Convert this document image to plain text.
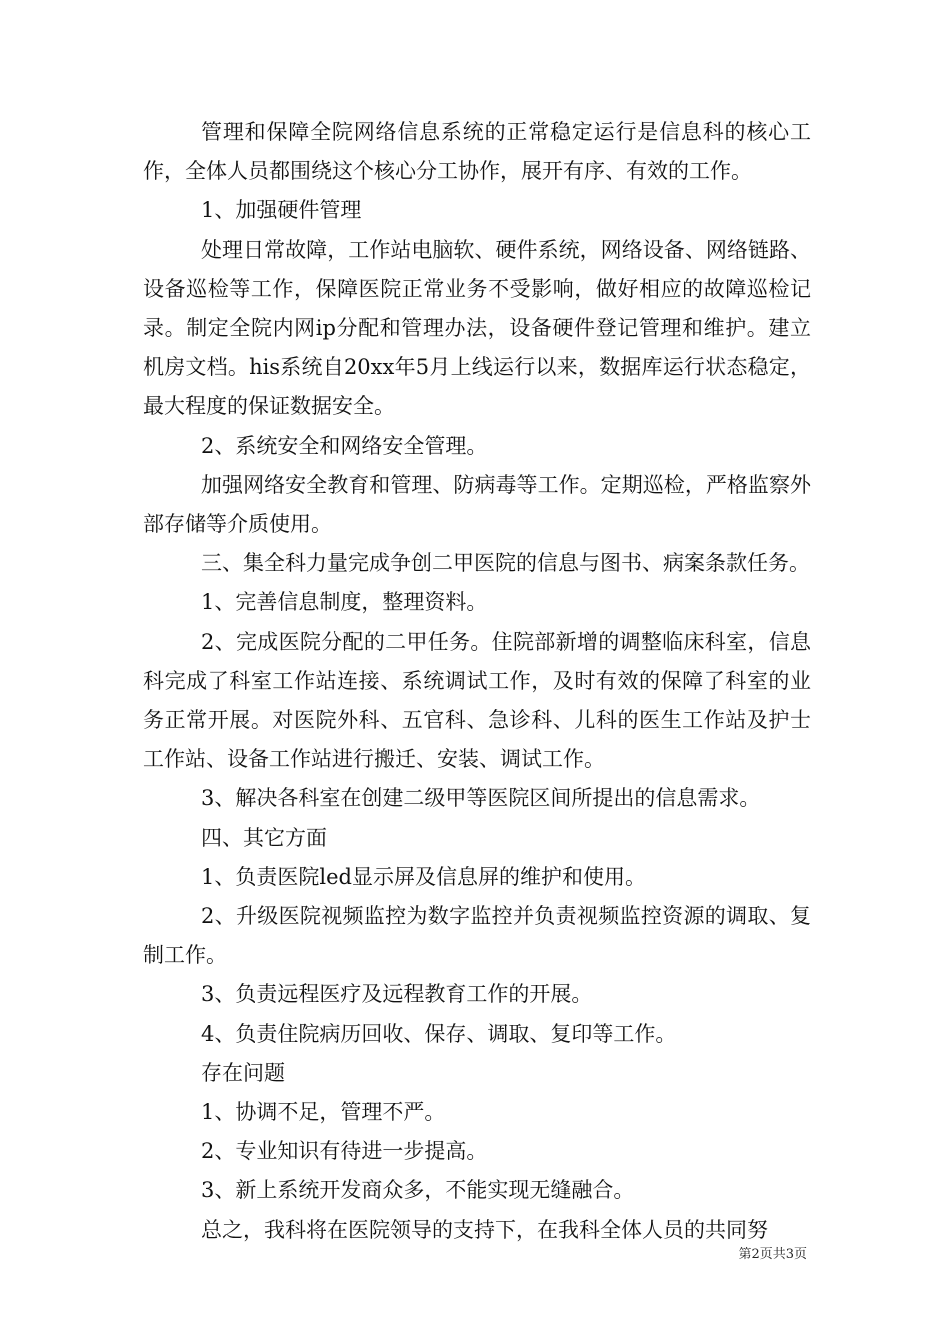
管理和保障全院网络信息系统的正常稳定运行是信息科的核心工作，全体人员都围绕这个核心分工协作，展开有序、有效的工作。

1、加强硬件管理

处理日常故障，工作站电脑软、硬件系统，网络设备、网络链路、设备巡检等工作，保障医院正常业务不受影响，做好相应的故障巡检记录。制定全院内网ip分配和管理办法，设备硬件登记管理和维护。建立机房文档。his系统自20xx年5月上线运行以来，数据库运行状态稳定，最大程度的保证数据安全。

2、系统安全和网络安全管理。

加强网络安全教育和管理、防病毒等工作。定期巡检，严格监察外部存储等介质使用。

三、集全科力量完成争创二甲医院的信息与图书、病案条款任务。

1、完善信息制度，整理资料。

2、完成医院分配的二甲任务。住院部新增的调整临床科室，信息科完成了科室工作站连接、系统调试工作，及时有效的保障了科室的业务正常开展。对医院外科、五官科、急诊科、儿科的医生工作站及护士工作站、设备工作站进行搬迁、安装、调试工作。

3、解决各科室在创建二级甲等医院区间所提出的信息需求。

四、其它方面

1、负责医院led显示屏及信息屏的维护和使用。

2、升级医院视频监控为数字监控并负责视频监控资源的调取、复制工作。

3、负责远程医疗及远程教育工作的开展。

4、负责住院病历回收、保存、调取、复印等工作。

存在问题

1、协调不足，管理不严。

2、专业知识有待进一步提高。

3、新上系统开发商众多，不能实现无缝融合。

总之，我科将在医院领导的支持下，在我科全体人员的共同努

第2页共3页
